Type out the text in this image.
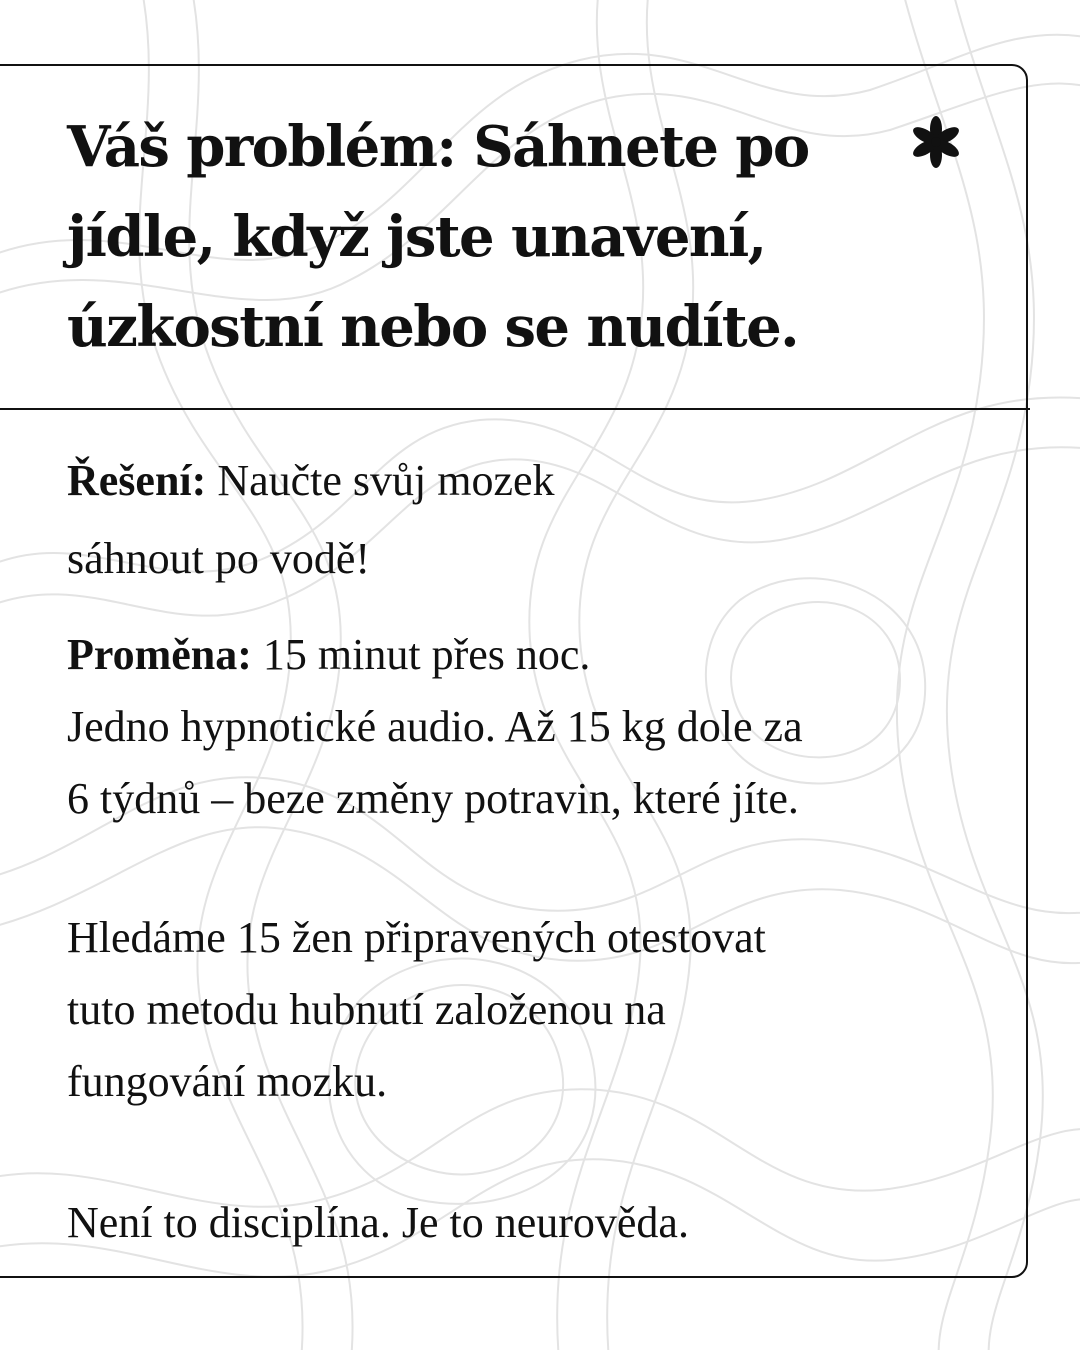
Váš problém: Sáhnete po
jídle, když jste unavení,
úzkostní nebo se nudíte.

Řešení: Naučte svůj mozek
sáhnout po vodě!

Proměna: 15 minut přes noc.
Jedno hypnotické audio. Až 15 kg dole za
6 týdnů – beze změny potravin, které jíte.

Hledáme 15 žen připravených otestovat
tuto metodu hubnutí založenou na
fungování mozku.

Není to disciplína. Je to neurověda.
